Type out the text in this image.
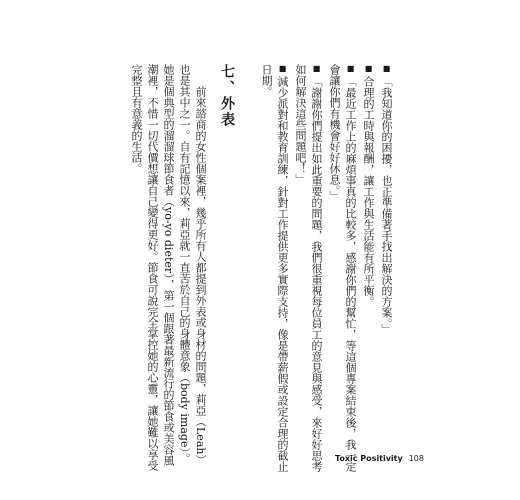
■「我知道你的困擾，也正準備著手找出解決的方案。」
■合理的工時與報酬，讓工作與生活能有所平衡。
■「最近工作上的麻煩事真的比較多，感謝你們的幫忙，等這個專案結束後，我一定會讓你們有機會好好休息。」
■「謝謝你們提出如此重要的問題，我們很重視每位員工的意見與感受，來好好思考如何解決這些問題吧！」
■減少派對和教育訓練，針對工作提供更多實際支持，像是帶薪假或設定合理的截止日期。
七、外表
前來諮商的女性個案裡，幾乎所有人都提到外表或身材的問題，莉亞（Leah）也是其中之一。自有記憶以來，莉亞就一直苦於自己的身體意象（body image）。她是個典型的溜溜球節食者（yo-yo dieter），第一個跟著最新流行的節食或美容風潮裡，不惜一切代價想讓自己變得更好。節食可說完全掌控她的心靈，讓她難以享受完整且有意義的生活。
Toxic Positivity 108
